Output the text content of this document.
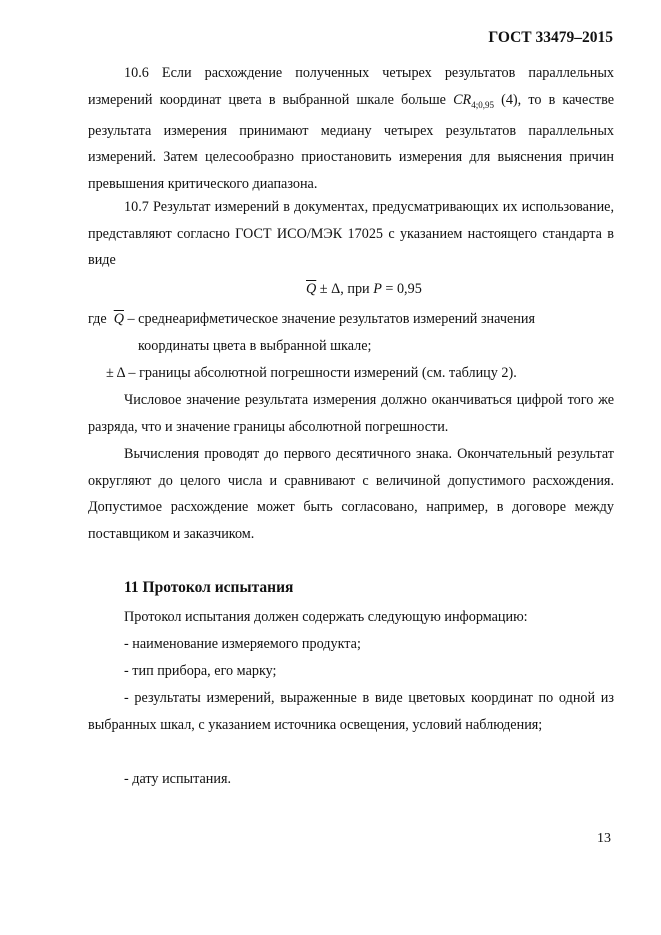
ГОСТ 33479–2015

10.6 Если расхождение полученных четырех результатов параллельных измерений координат цвета в выбранной шкале больше $CR_{4;0,95}$ (4), то в качестве результата измерения принимают медиану четырех результатов параллельных измерений. Затем целесообразно приостановить измерения для выяснения причин превышения критического диапазона.

10.7 Результат измерений в документах, предусматривающих их использование, представляют согласно ГОСТ ИСО/МЭК 17025 с указанием настоящего стандарта в виде

$\overline{Q} \pm \Delta$, при P = 0,95
где $\overline{Q}$ – среднеарифметическое значение результатов измерений значения
координаты цвета в выбранной шкале;
± Δ – границы абсолютной погрешности измерений (см. таблицу 2).

Числовое значение результата измерения должно оканчиваться цифрой того же разряда, что и значение границы абсолютной погрешности.

Вычисления проводят до первого десятичного знака. Окончательный результат округляют до целого числа и сравнивают с величиной допустимого расхождения. Допустимое расхождение может быть согласовано, например, в договоре между поставщиком и заказчиком.

11 Протокол испытания

Протокол испытания должен содержать следующую информацию:

- наименование измеряемого продукта;

- тип прибора, его марку;

- результаты измерений, выраженные в виде цветовых координат по одной из выбранных шкал, с указанием источника освещения, условий наблюдения;

- дату испытания.

13
